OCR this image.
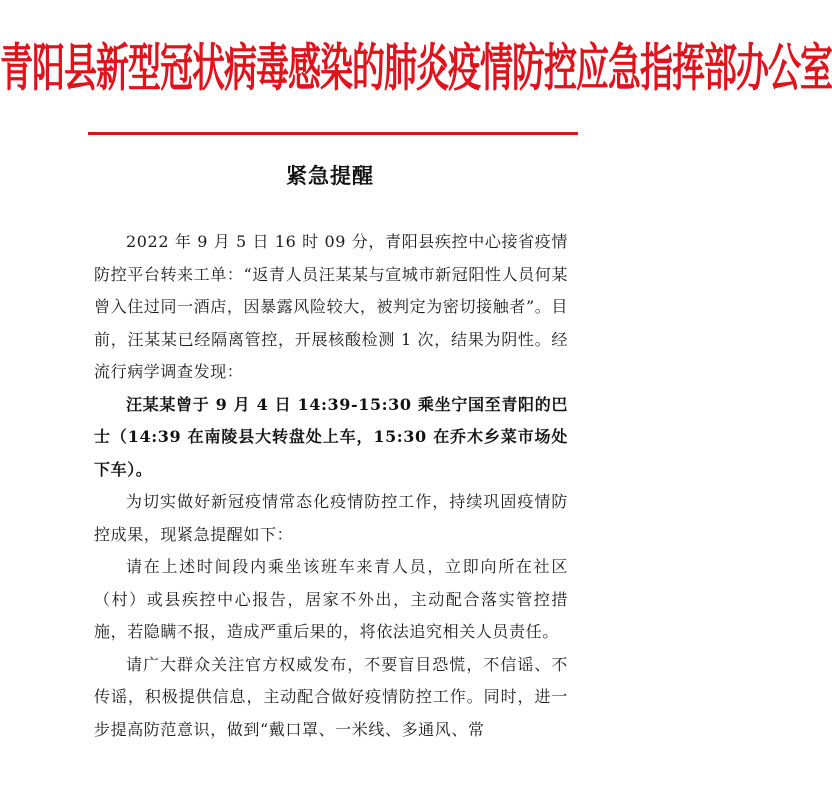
青阳县新型冠状病毒感染的肺炎疫情防控应急指挥部办公室
紧急提醒

2022 年 9 月 5 日 16 时 09 分，青阳县疾控中心接省疫情防控平台转来工单：“返青人员汪某某与宣城市新冠阳性人员何某曾入住过同一酒店，因暴露风险较大，被判定为密切接触者”。目前，汪某某已经隔离管控，开展核酸检测 1 次，结果为阴性。经流行病学调查发现：

汪某某曾于 9 月 4 日 14:39-15:30 乘坐宁国至青阳的巴士（14:39 在南陵县大转盘处上车，15:30 在乔木乡菜市场处下车）。

为切实做好新冠疫情常态化疫情防控工作，持续巩固疫情防控成果，现紧急提醒如下：

请在上述时间段内乘坐该班车来青人员，立即向所在社区（村）或县疾控中心报告，居家不外出，主动配合落实管控措施，若隐瞒不报，造成严重后果的，将依法追究相关人员责任。

请广大群众关注官方权威发布，不要盲目恐慌，不信谣、不传谣，积极提供信息，主动配合做好疫情防控工作。同时，进一步提高防范意识，做到“戴口罩、一米线、多通风、常
